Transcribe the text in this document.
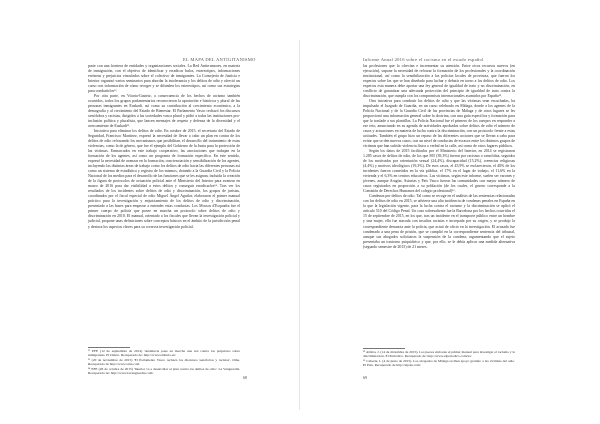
EL MAPA DEL ANTIGITANISMO

parte con una frontera de entidades y organizaciones sociales. La Red Antirrumores, en materia de inmigración, con el objetivo de identificar y erradicar bulos, estereotipos, informaciones erróneas y prejuicios vinculados sobre el colectivo de inmigrantes. La Consejería de Justicia e Interior organizó varios seminarios para abordar la intolerancia y los delitos de odio y ofreció un curso con información de cómo recoger y se difunden los estereotipos, así como sus estrategias para combatirlos¹².

Por otra parte, en Vitoria-Gasteiz, a consecuencia de los hechos de racismo también ocurridos, todos los grupos parlamentarios reconocieron la aportación e histórica y plural de las personas inmigrantes en Euskadi, así como su contribución al crecimiento económico, a la demografía y al crecimiento del Estado de Bienestar. El Parlamento Vasco rechazó los discursos xenófobos y racistas, dirigidos a las sociedades vasca plural y pidió a todas las instituciones pro-inclusión política y pluralista, que lancen mensajes de respeto y defensa de la diversidad y el acercamiento de Euskadi¹³.

Iniciativa para eliminar los delitos de odio. En octubre de 2015, el secretario del Estado de Seguridad, Francisco Martínez, expresó la necesidad de llevar a cabo un plan en contra de los delitos de odio reforzando los mecanismos que posibilitan, el desarrollo del tratamiento de estas violencias, como la de género, que fue el ejemplo del Gobierno de la Junta para la protección de las víctimas. Enmarcados en este trabajo cooperativo, las asociaciones que trabajan en la formación de los agentes, así como un programa de formación específica. En este sentido, expresó la necesidad de avanzar en la formación, concienciación y sensibilización de los agentes, incluyendo las distintas áreas de trabajo como los delitos de odio hacia las diferentes personas así como un sistema de estadística y registro de los mismos, dotando a la Guardia Civil y la Policía Nacional de los medios para el desarrollo de las funciones que se les asignan, incluida la creación de la figura de protocolos de actuación policial ante el Ministerio del Interior para avanzar en marzo de 2016 para dar visibilidad a estos delitos y conseguir erradicarlos¹⁴. Tras ver los resultados de los incidentes sobre delitos de odio y discriminación, los grupos de juristas, coordinados por el fiscal especial de odio Miguel Ángel Aguilar, elaboraron el primer manual práctico para la investigación y enjuiciamiento de los delitos de odio y discriminación, presentado a las bases para empezar a entender estas conductas. Los Mossos d'Esquadra fue el primer cuerpo de policía que posee en marcha un protocolo sobre delitos de odio y discriminación en 2010. El manual, orientado a los fiscales que llevan la investigación policial y judicial, propone unas definiciones sobre conceptos básicos en el ámbito de la jurisdicción penal y destaca los aspectos claves para su correcta investigación policial.

¹² EFE (12 de septiembre de 2014) 'Andalucía pone en marcha una red contra los prejuicios sobre inmigrantes. El Diario. Recuperado de: http://www.eldiario.es/
¹³ (20 de noviembre de 2015) 'El Parlamento Vasco rechaza los discursos xenófobos y racistas'. Oma. Recuperado de http://www.oma.com
¹⁴ EFE (26 de octubre de 2015) 'Interior va a desarrollar el plan contra los delitos de odio'. La Vanguardia. Recuperado de: http://www.lavanguardia.com/
68
Informe Anual 2016 sobre el racismo en el estado español

las profesiones que lo ofrecían e incrementar su atención. Entre otros recursos nuevos (en ejecución), supone la necesidad de reforzar la formación de los profesionales y la coordinación institucional, así como la sensibilización a las policías locales de provincia, que fueron los expertos sobre las que se han diseñado para luchar y debatir en torno a los delitos de odio. Los expertos esta manera debe aportar una ley general de igualdad de trato y no discriminación, en conflicto de garantizar una adecuada protección del principio de igualdad de trato contra la discriminación, que cumpla con los compromisos internacionales asumidos por España¹⁵.

Otra iniciativa para combatir los delitos de odio y que las víctimas sean escuchadas, ha impulsado el Juzgado de Guardia, en un curso celebrado en Málaga, donde a los agentes de la Policía Nacional y de la Guardia Civil de las provincias de Málaga y de otros lugares se les proporcionó una información general sobre la doctrina, con una guía específica y formación para que lo traslade a sus plantillas. La Policía Nacional fue el primero de los cuerpos en responder a ese reto, anunciando en su agenda de actividades aprobadas sobre delitos de odio el número de casos y actuaciones en materia de lucha contra la discriminación, con un protocolo frente a estas actitudes. También el grupo hizo un repaso de las diferentes acciones que se llevan a cabo para evitar que se den nuevos casos, con un nivel de conductas de escasos entre los distintos grupos de víctimas que han sufrido violencia física o verbal en la calle, así como de otros lugares públicos.

Según los datos de 2015 facilitados por el Ministerio del Interior, en 2014 se registraron 1.285 casos de delitos de odio, de los que 505 (39,3%) fueron por racismo o xenofobia, seguidos de los motivados por orientación sexual (24,4%), discapacidad (15,2%), creencias religiosas (4,4%) y motivos ideológicos (19,3%). De esos casos, el 45,9% se esclarecieron, el 40% de los incidentes fueron cometidos en la vía pública, el 17% en el lugar de trabajo, el 11,6% en la vivienda y el 6,3% en centros educativos. Las víctimas, según este informe, suelen ser varones y jóvenes, aunque Aragón, Asturias y País Vasco fueron las comunidades con mayor número de casos registrados en proporción a su población (de los cuales, el grueso corresponde a la Comisión de Derechos Humanos del colegio profesional)¹⁶.

Condenas por delitos de odio. Tal como se recoge en el análisis de las sentencias relacionadas con los delitos de odio en 2015, se advierte una alta incidencia de condenas penales en España en la que la legislación vigente, para la lucha contra el racismo y la discriminación se aplicó el artículo 510 del Código Penal. Un caso sobresaliente fue la Barcelona por los hechos ocurridos el 15 de septiembre de 2015, en los que, tras un incidente en el transporte público entre un hombre y una mujer, ella fue atacada con insultos racistas e increpada por su origen, y se produjo la correspondiente denuncia ante la policía, que actuó de oficio en la investigación. El acusado fue condenado a una pena de prisión, que se cumplió en la correspondiente sentencia del tribunal, aunque sus abogados solicitaron la suspensión de la condena, argumentando que el sujeto presentaba un trastorno psiquiátrico y que, por ello, se le debía aplicar una medida alternativa (segundo semestre de 2015) de 21 meses.

¹⁵ Alfaba, J. (14 de diciembre de 2015). Los jueces elaboran el primer manual para investigar el racismo y la discriminación. El Periódico. Recuperado de: http://www.elperiodico.com/es/
¹⁶ Cuberia, I. (4 de junio de 2015). Los abogados de Málaga reciben apoyo gratuito a las víctimas del odio. El País. Recuperado de http://elpais.com/
69
